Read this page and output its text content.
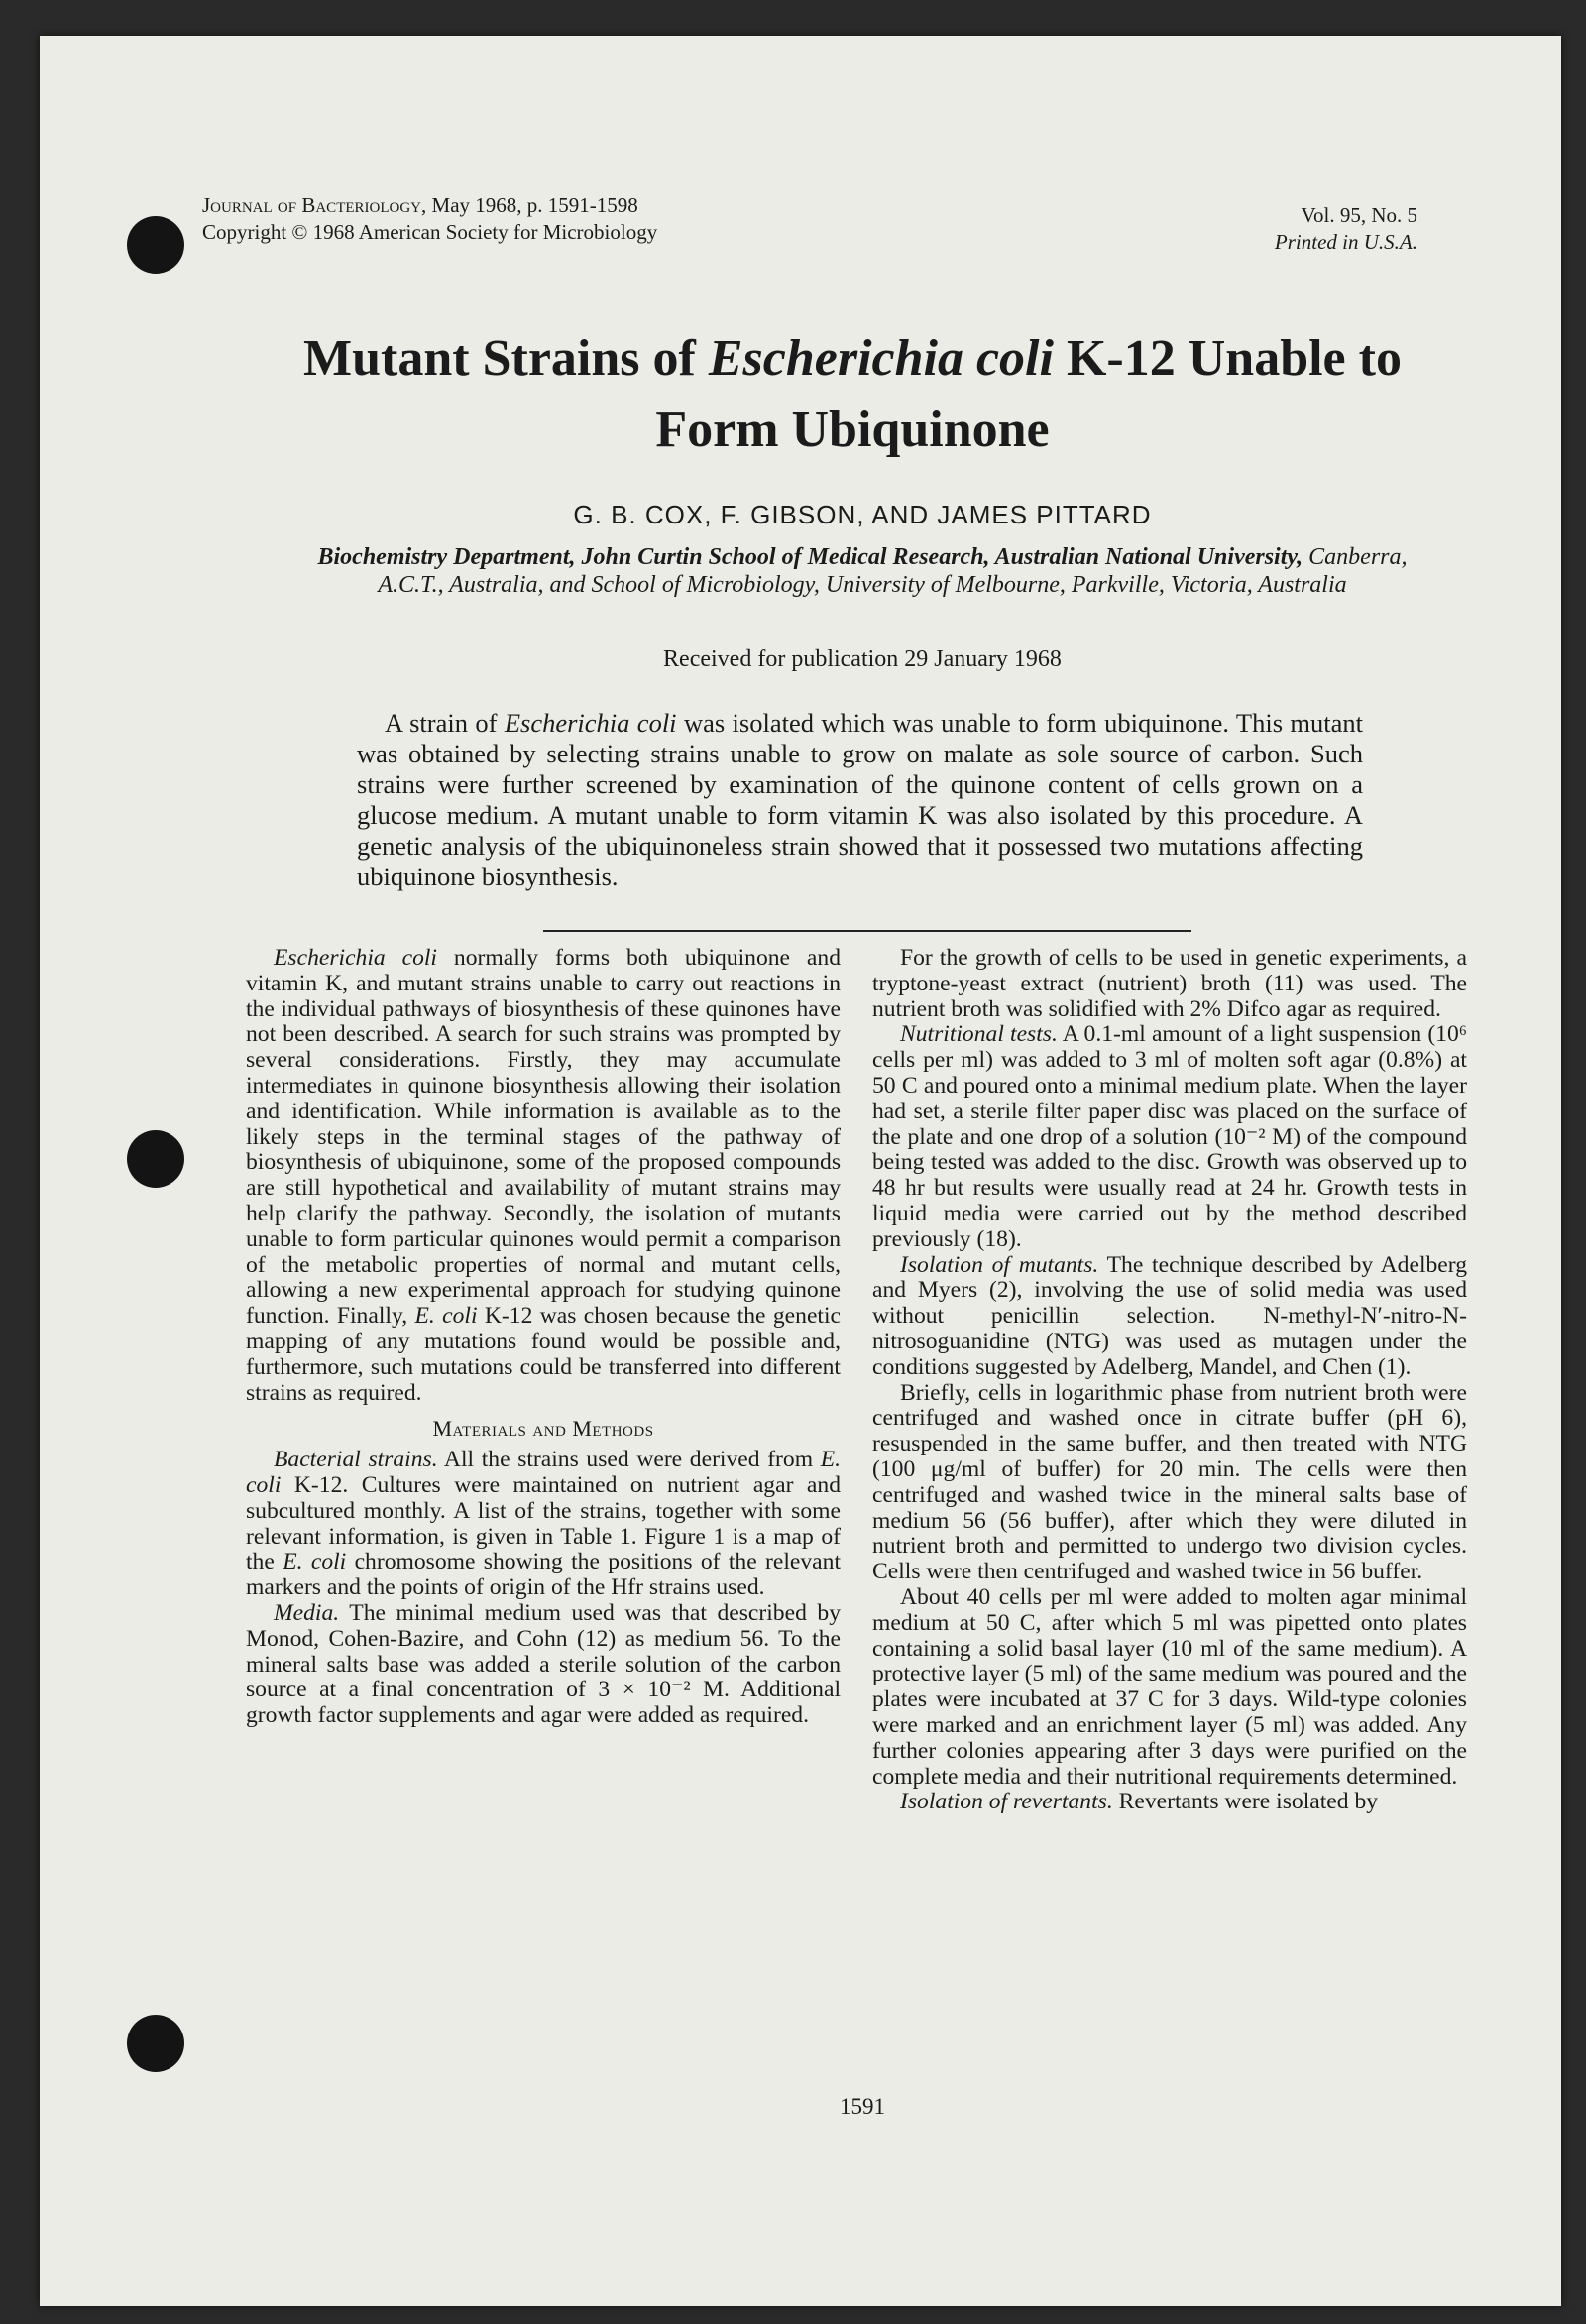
Journal of Bacteriology, May 1968, p. 1591-1598
Copyright © 1968 American Society for Microbiology
Vol. 95, No. 5
Printed in U.S.A.
Mutant Strains of Escherichia coli K-12 Unable to Form Ubiquinone
G. B. COX, F. GIBSON, AND JAMES PITTARD
Biochemistry Department, John Curtin School of Medical Research, Australian National University, Canberra, A.C.T., Australia, and School of Microbiology, University of Melbourne, Parkville, Victoria, Australia
Received for publication 29 January 1968
A strain of Escherichia coli was isolated which was unable to form ubiquinone. This mutant was obtained by selecting strains unable to grow on malate as sole source of carbon. Such strains were further screened by examination of the quinone content of cells grown on a glucose medium. A mutant unable to form vitamin K was also isolated by this procedure. A genetic analysis of the ubiquinoneless strain showed that it possessed two mutations affecting ubiquinone biosynthesis.

Escherichia coli normally forms both ubiquinone and vitamin K, and mutant strains unable to carry out reactions in the individual pathways of biosynthesis of these quinones have not been described. A search for such strains was prompted by several considerations. Firstly, they may accumulate intermediates in quinone biosynthesis allowing their isolation and identification. While information is available as to the likely steps in the terminal stages of the pathway of biosynthesis of ubiquinone, some of the proposed compounds are still hypothetical and availability of mutant strains may help clarify the pathway. Secondly, the isolation of mutants unable to form particular quinones would permit a comparison of the metabolic properties of normal and mutant cells, allowing a new experimental approach for studying quinone function. Finally, E. coli K-12 was chosen because the genetic mapping of any mutations found would be possible and, furthermore, such mutations could be transferred into different strains as required.

Materials and Methods

Bacterial strains. All the strains used were derived from E. coli K-12. Cultures were maintained on nutrient agar and subcultured monthly. A list of the strains, together with some relevant information, is given in Table 1. Figure 1 is a map of the E. coli chromosome showing the positions of the relevant markers and the points of origin of the Hfr strains used.

Media. The minimal medium used was that described by Monod, Cohen-Bazire, and Cohn (12) as medium 56. To the mineral salts base was added a sterile solution of the carbon source at a final concentration of 3 × 10⁻² M. Additional growth factor supplements and agar were added as required.

For the growth of cells to be used in genetic experiments, a tryptone-yeast extract (nutrient) broth (11) was used. The nutrient broth was solidified with 2% Difco agar as required.

Nutritional tests. A 0.1-ml amount of a light suspension (10⁶ cells per ml) was added to 3 ml of molten soft agar (0.8%) at 50 C and poured onto a minimal medium plate. When the layer had set, a sterile filter paper disc was placed on the surface of the plate and one drop of a solution (10⁻² M) of the compound being tested was added to the disc. Growth was observed up to 48 hr but results were usually read at 24 hr. Growth tests in liquid media were carried out by the method described previously (18).

Isolation of mutants. The technique described by Adelberg and Myers (2), involving the use of solid media was used without penicillin selection. N-methyl-N′-nitro-N-nitrosoguanidine (NTG) was used as mutagen under the conditions suggested by Adelberg, Mandel, and Chen (1).

Briefly, cells in logarithmic phase from nutrient broth were centrifuged and washed once in citrate buffer (pH 6), resuspended in the same buffer, and then treated with NTG (100 μg/ml of buffer) for 20 min. The cells were then centrifuged and washed twice in the mineral salts base of medium 56 (56 buffer), after which they were diluted in nutrient broth and permitted to undergo two division cycles. Cells were then centrifuged and washed twice in 56 buffer.

About 40 cells per ml were added to molten agar minimal medium at 50 C, after which 5 ml was pipetted onto plates containing a solid basal layer (10 ml of the same medium). A protective layer (5 ml) of the same medium was poured and the plates were incubated at 37 C for 3 days. Wild-type colonies were marked and an enrichment layer (5 ml) was added. Any further colonies appearing after 3 days were purified on the complete media and their nutritional requirements determined.

Isolation of revertants. Revertants were isolated by

1591
